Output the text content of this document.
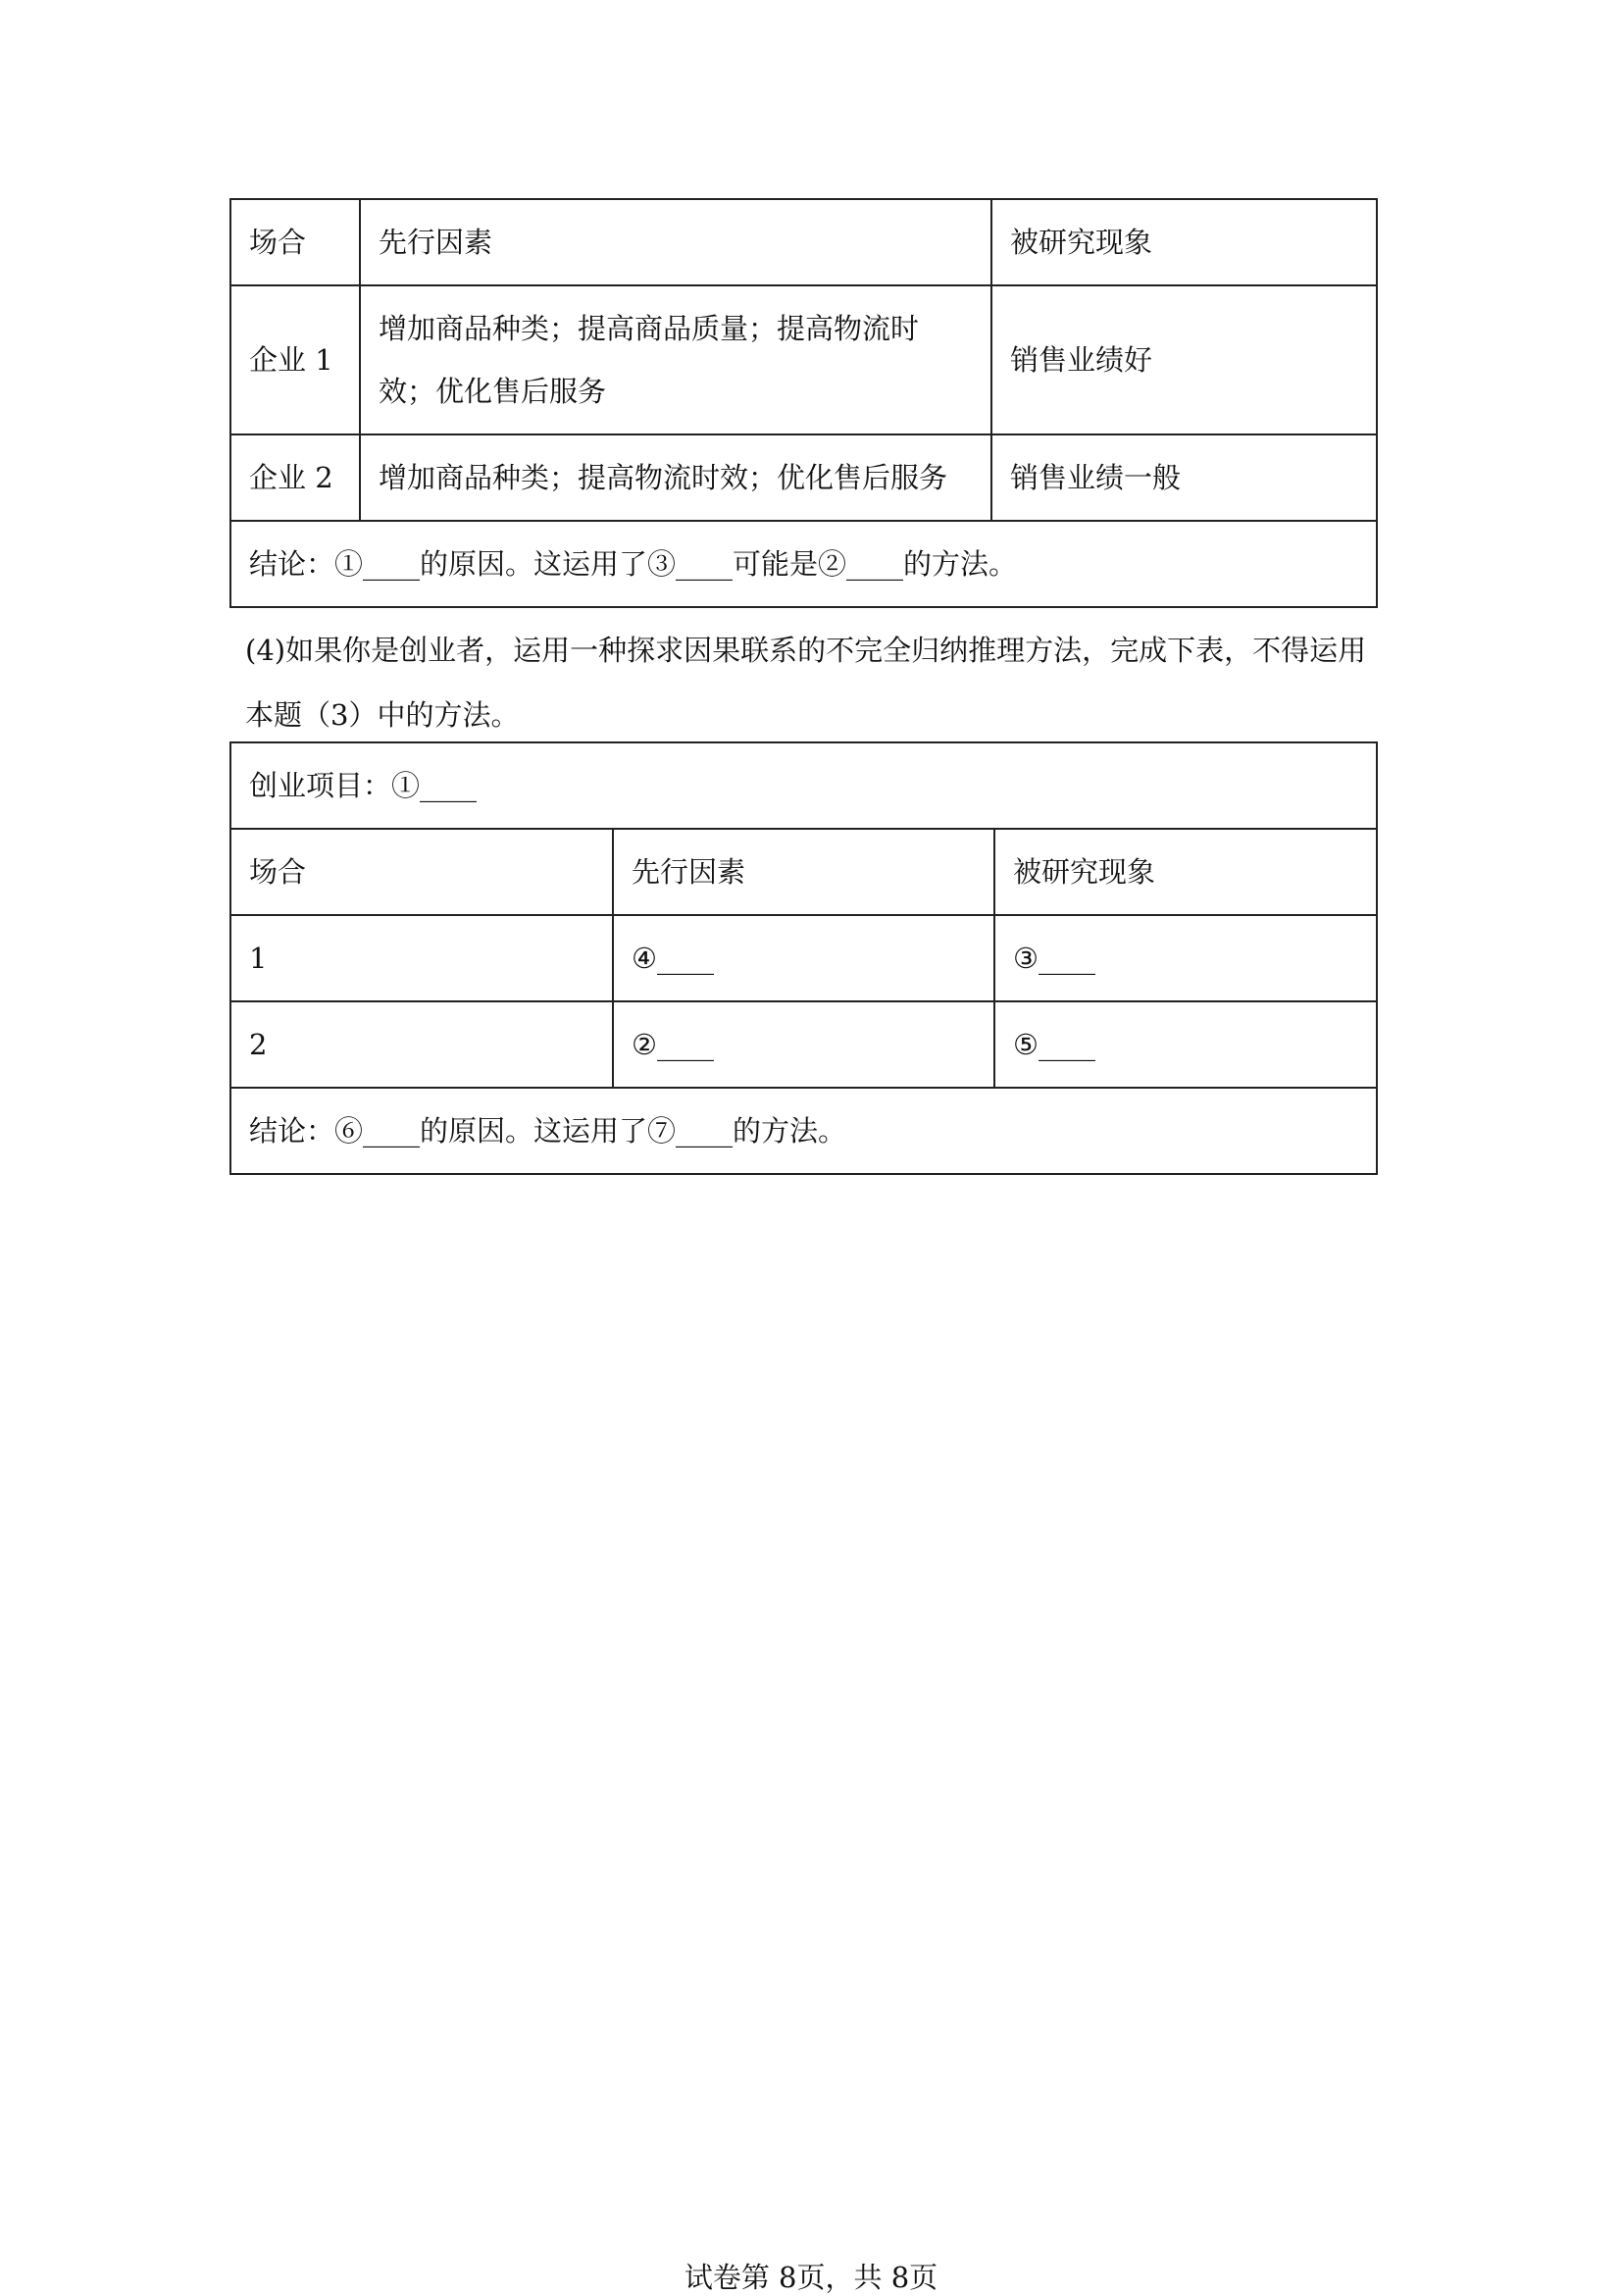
场合	先行因素	被研究现象
企业 1	增加商品种类；提高商品质量；提高物流时效；优化售后服务	销售业绩好
企业 2	增加商品种类；提高物流时效；优化售后服务	销售业绩一般
结论：①____的原因。这运用了③____可能是②____的方法。		
(4)如果你是创业者，运用一种探求因果联系的不完全归纳推理方法，完成下表，不得运用本题（3）中的方法。
创业项目：①____		
场合	先行因素	被研究现象
1	④____	③____
2	②____	⑤____
结论：⑥____的原因。这运用了⑦____的方法。		
试卷第 8页，共 8页
